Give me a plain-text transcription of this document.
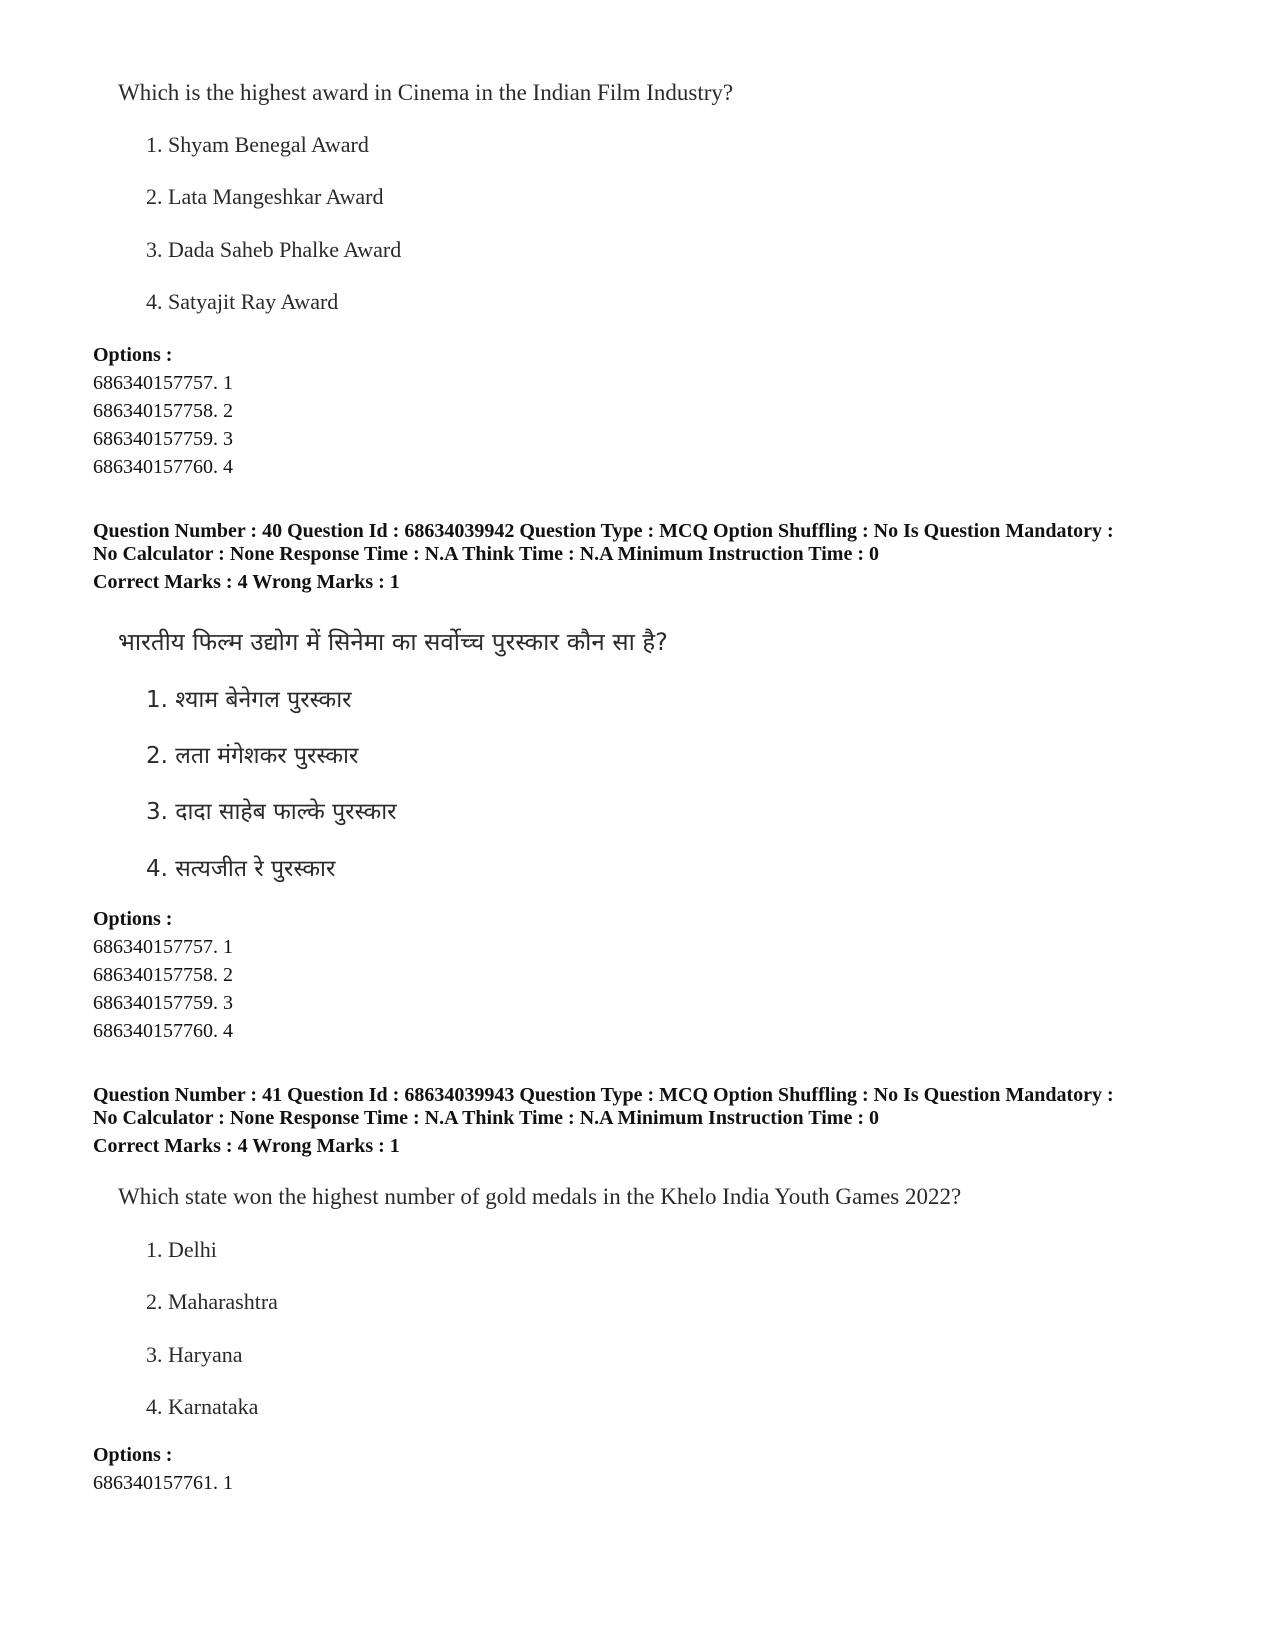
Which is the highest award in Cinema in the Indian Film Industry?
1. Shyam Benegal Award
2. Lata Mangeshkar Award
3. Dada Saheb Phalke Award
4. Satyajit Ray Award
Options :
686340157757. 1
686340157758. 2
686340157759. 3
686340157760. 4
Question Number : 40 Question Id : 68634039942 Question Type : MCQ Option Shuffling : No Is Question Mandatory :
No Calculator : None Response Time : N.A Think Time : N.A Minimum Instruction Time : 0
Correct Marks : 4 Wrong Marks : 1
भारतीय फिल्म उद्योग में सिनेमा का सर्वोच्च पुरस्कार कौन सा है?
1. श्याम बेनेगल पुरस्कार
2. लता मंगेशकर पुरस्कार
3. दादा साहेब फाल्के पुरस्कार
4. सत्यजीत रे पुरस्कार
Options :
686340157757. 1
686340157758. 2
686340157759. 3
686340157760. 4
Question Number : 41 Question Id : 68634039943 Question Type : MCQ Option Shuffling : No Is Question Mandatory :
No Calculator : None Response Time : N.A Think Time : N.A Minimum Instruction Time : 0
Correct Marks : 4 Wrong Marks : 1
Which state won the highest number of gold medals in the Khelo India Youth Games 2022?
1. Delhi
2. Maharashtra
3. Haryana
4. Karnataka
Options :
686340157761. 1
